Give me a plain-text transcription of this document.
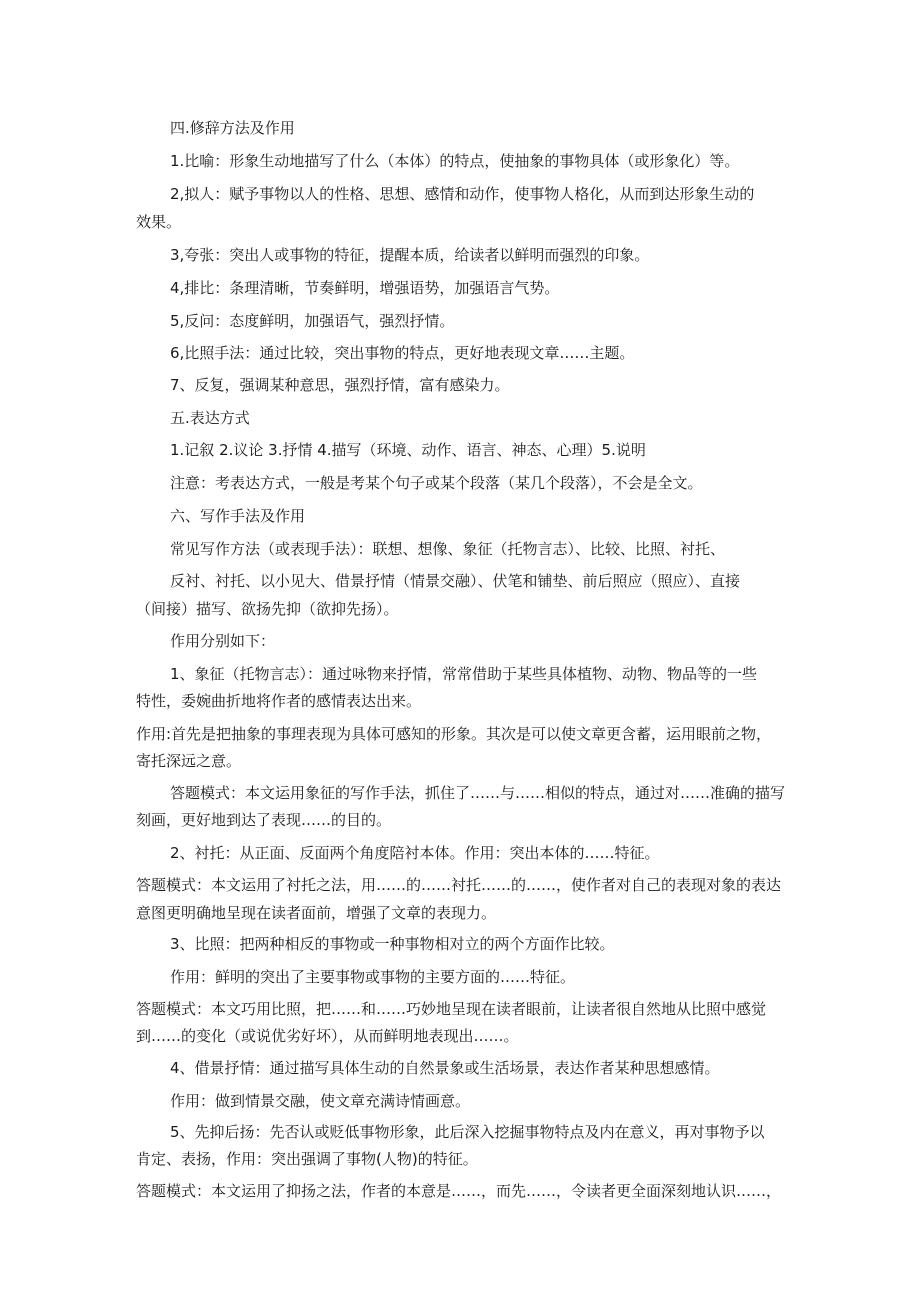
四.修辞方法及作用

1.比喻：形象生动地描写了什么（本体）的特点，使抽象的事物具体（或形象化）等。

2,拟人：赋予事物以人的性格、思想、感情和动作，使事物人格化，从而到达形象生动的

效果。

3,夸张：突出人或事物的特征，提醒本质，给读者以鲜明而强烈的印象。

4,排比：条理清晰，节奏鲜明，增强语势，加强语言气势。

5,反问：态度鲜明，加强语气，强烈抒情。

6,比照手法：通过比较，突出事物的特点，更好地表现文章……主题。

7、反复，强调某种意思，强烈抒情，富有感染力。

五.表达方式

1.记叙 2.议论 3.抒情 4.描写（环境、动作、语言、神态、心理）5.说明

注意：考表达方式，一般是考某个句子或某个段落（某几个段落），不会是全文。

六、写作手法及作用

常见写作方法（或表现手法）：联想、想像、象征（托物言志）、比较、比照、衬托、

反衬、衬托、以小见大、借景抒情（情景交融）、伏笔和铺垫、前后照应（照应）、直接

（间接）描写、欲扬先抑（欲抑先扬）。

作用分别如下：

1、象征（托物言志）：通过咏物来抒情，常常借助于某些具体植物、动物、物品等的一些

特性，委婉曲折地将作者的感情表达出来。

作用:首先是把抽象的事理表现为具体可感知的形象。其次是可以使文章更含蓄，运用眼前之物，

寄托深远之意。

答题模式：本文运用象征的写作手法，抓住了……与……相似的特点，通过对……准确的描写

刻画，更好地到达了表现……的目的。

2、衬托：从正面、反面两个角度陪衬本体。作用：突出本体的……特征。

答题模式：本文运用了衬托之法，用……的……衬托……的……，使作者对自己的表现对象的表达

意图更明确地呈现在读者面前，增强了文章的表现力。

3、比照：把两种相反的事物或一种事物相对立的两个方面作比较。

作用：鲜明的突出了主要事物或事物的主要方面的……特征。

答题模式：本文巧用比照，把……和……巧妙地呈现在读者眼前，让读者很自然地从比照中感觉

到……的变化（或说优劣好坏），从而鲜明地表现出……。

4、借景抒情：通过描写具体生动的自然景象或生活场景，表达作者某种思想感情。

作用：做到情景交融，使文章充满诗情画意。

5、先抑后扬：先否认或贬低事物形象，此后深入挖掘事物特点及内在意义，再对事物予以

肯定、表扬，作用：突出强调了事物(人物)的特征。

答题模式：本文运用了抑扬之法，作者的本意是……，而先……，令读者更全面深刻地认识……，
